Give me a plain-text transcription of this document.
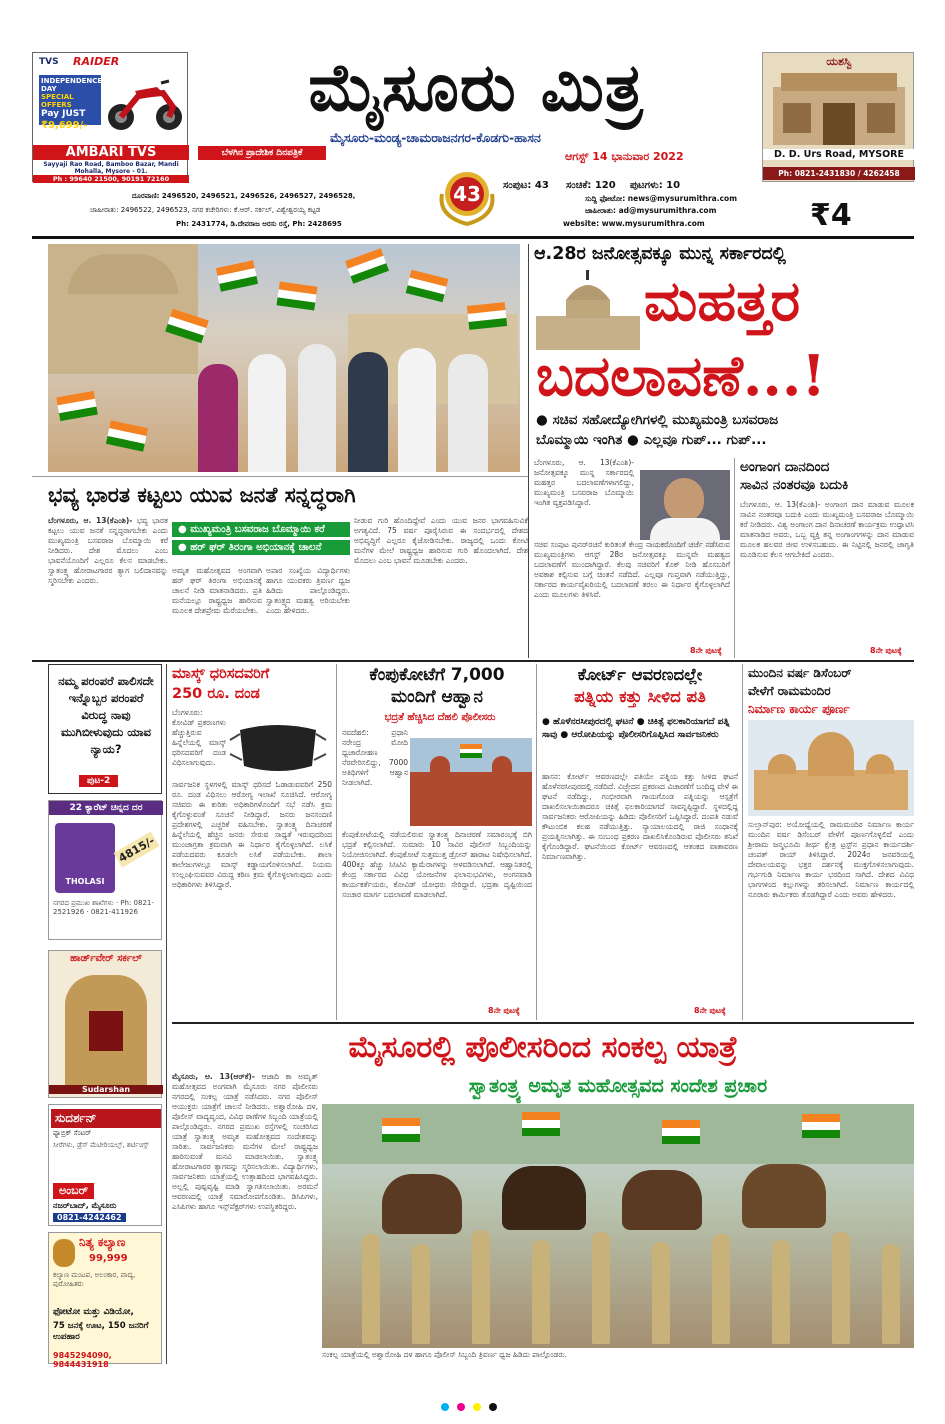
TVS RAIDER
INDEPENDENCE DAY
SPECIAL OFFERS
Pay JUST
₹9,699/-
AMBARI TVS
Sayyaji Rao Road, Bamboo Bazar, Mandi Mohalla, Mysore - 01.
Ph : 99640 21500, 90191 72160
ಮೈಸೂರು ಮಿತ್ರ
ಮೈಸೂರು-ಮಂಡ್ಯ-ಚಾಮರಾಜನಗರ-ಕೊಡಗು-ಹಾಸನ
ಬೆಳಗಿನ ಪ್ರಾದೇಶಿಕ ದಿನಪತ್ರಿಕೆ	ಆಗಸ್ಟ್ 14 ಭಾನುವಾರ 2022
43
ದೂರವಾಣಿ: 2496520, 2496521, 2496526, 2496527, 2496528,
ಜಾಹೀರಾತು: 2496522, 2496523, ನಗರ ಕಚೇರಿಗಳು: ಕೆ.ಆರ್. ಸರ್ಕಲ್, ವಿಶ್ವೇಶ್ವರಯ್ಯ ಕಟ್ಟಡ
Ph: 2431774, ಡಿ.ದೇವರಾಜ ಅರಸು ರಸ್ತೆ, Ph: 2428695
ಸಂಪುಟ: 43 ಸಂಚಿಕೆ: 120 ಪುಟಗಳು: 10
ಸುದ್ದಿ ಫೋಟೋ: news@mysurumithra.com
ಜಾಹೀರಾತು: ad@mysurumithra.com
website: www.mysurumithra.com	₹4
ಯಶಸ್ವಿ
D. D. Urs Road, MYSORE
Ph: 0821-2431830 / 4262458
ಆ.28ರ ಜನೋತ್ಸವಕ್ಕೂ ಮುನ್ನ ಸರ್ಕಾರದಲ್ಲಿ
ಮಹತ್ತರ
ಬದಲಾವಣೆ...!
● ಸಚಿವ ಸಹೋದ್ಯೋಗಿಗಳಲ್ಲಿ ಮುಖ್ಯಮಂತ್ರಿ ಬಸವರಾಜ
ಬೊಮ್ಮಾಯಿ ಇಂಗಿತ ● ಎಲ್ಲವೂ ಗುಪ್... ಗುಪ್...
ಬೆಂಗಳೂರು, ಆ. 13(ಕೆಎಂಶಿ)- ಜನೋತ್ಸವಕ್ಕೂ ಮುನ್ನ ಸರ್ಕಾರದಲ್ಲಿ ಮಹತ್ತರ ಬದಲಾವಣೆಗಳಾಗಲಿದ್ದು, ಮುಖ್ಯಮಂತ್ರಿ ಬಸವರಾಜ ಬೊಮ್ಮಾಯಿ ಇಂಗಿತ ವ್ಯಕ್ತಪಡಿಸಿದ್ದಾರೆ.
ಸಚಿವ ಸಂಪುಟ ಪುನರ್‌ರಚನೆ ಕುರಿತಂತೆ ಕೇಂದ್ರ ನಾಯಕರೊಂದಿಗೆ ಚರ್ಚೆ ನಡೆಸಿರುವ ಮುಖ್ಯಮಂತ್ರಿಗಳು ಆಗಸ್ಟ್ 28ರ ಜನೋತ್ಸವಕ್ಕೂ ಮುನ್ನವೇ ಮಹತ್ವದ ಬದಲಾವಣೆಗೆ ಮುಂದಾಗಿದ್ದಾರೆ. ಕೆಲವು ಸಚಿವರಿಗೆ ಕೊಕ್ ನೀಡಿ ಹೊಸಬರಿಗೆ ಅವಕಾಶ ಕಲ್ಪಿಸುವ ಬಗ್ಗೆ ಚಿಂತನೆ ನಡೆದಿದೆ. ಎಲ್ಲವೂ ಗುಪ್ತವಾಗಿ ನಡೆಯುತ್ತಿದ್ದು, ಸರ್ಕಾರದ ಕಾರ್ಯವೈಖರಿಯಲ್ಲಿ ಬದಲಾವಣೆ ತರಲು ಈ ನಿರ್ಧಾರ ಕೈಗೊಳ್ಳಲಾಗಿದೆ ಎಂದು ಮೂಲಗಳು ತಿಳಿಸಿವೆ.
8ನೇ ಪುಟಕ್ಕೆ
ಅಂಗಾಂಗ ದಾನದಿಂದ
ಸಾವಿನ ನಂತರವೂ ಬದುಕಿ
ಬೆಂಗಳೂರು, ಆ. 13(ಕೆಎಂಶಿ)- ಅಂಗಾಂಗ ದಾನ ಮಾಡುವ ಮೂಲಕ ಸಾವಿನ ನಂತರವೂ ಬದುಕಿ ಎಂದು ಮುಖ್ಯಮಂತ್ರಿ ಬಸವರಾಜ ಬೊಮ್ಮಾಯಿ ಕರೆ ನೀಡಿದರು. ವಿಶ್ವ ಅಂಗಾಂಗ ದಾನ ದಿನಾಚರಣೆ ಕಾರ್ಯಕ್ರಮ ಉದ್ಘಾಟಿಸಿ ಮಾತನಾಡಿದ ಅವರು, ಒಬ್ಬ ವ್ಯಕ್ತಿ ತನ್ನ ಅಂಗಾಂಗಗಳನ್ನು ದಾನ ಮಾಡುವ ಮೂಲಕ ಹಲವರ ಜೀವ ಉಳಿಸಬಹುದು. ಈ ನಿಟ್ಟಿನಲ್ಲಿ ಜನರಲ್ಲಿ ಜಾಗೃತಿ ಮೂಡಿಸುವ ಕೆಲಸ ಆಗಬೇಕಿದೆ ಎಂದರು.
8ನೇ ಪುಟಕ್ಕೆ
ಭವ್ಯ ಭಾರತ ಕಟ್ಟಲು ಯುವ ಜನತೆ ಸನ್ನದ್ಧರಾಗಿ
ಬೆಂಗಳೂರು, ಆ. 13(ಕೆಎಂಶಿ)- ಭವ್ಯ ಭಾರತ ಕಟ್ಟಲು ಯುವ ಜನತೆ ಸನ್ನದ್ಧರಾಗಬೇಕು ಎಂದು ಮುಖ್ಯಮಂತ್ರಿ ಬಸವರಾಜ ಬೊಮ್ಮಾಯಿ ಕರೆ ನೀಡಿದರು. ದೇಶ ಮೊದಲು ಎಂಬ ಭಾವನೆಯೊಂದಿಗೆ ಎಲ್ಲರೂ ಕೆಲಸ ಮಾಡಬೇಕು. ಸ್ವಾತಂತ್ರ್ಯ ಹೋರಾಟಗಾರರ ತ್ಯಾಗ ಬಲಿದಾನವನ್ನು ಸ್ಮರಿಸಬೇಕು ಎಂದರು.
● ಮುಖ್ಯಮಂತ್ರಿ ಬಸವರಾಜ ಬೊಮ್ಮಾಯಿ ಕರೆ
● ಹರ್ ಘರ್ ತಿರಂಗಾ ಅಭಿಯಾನಕ್ಕೆ ಚಾಲನೆ
ಅಮೃತ ಮಹೋತ್ಸವದ ಅಂಗವಾಗಿ ಹರ್ ಘರ್ ತಿರಂಗಾ ಅಭಿಯಾನಕ್ಕೆ ಚಾಲನೆ ನೀಡಿ ಮಾತನಾಡಿದರು. ಪ್ರತಿ ಮನೆಯಲ್ಲೂ ರಾಷ್ಟ್ರಧ್ವಜ ಹಾರಿಸುವ ಮೂಲಕ ದೇಶಪ್ರೇಮ ಮೆರೆಯಬೇಕು.
ಅಪಾರ ಸಂಖ್ಯೆಯ ವಿದ್ಯಾರ್ಥಿಗಳು ಹಾಗೂ ಯುವಕರು ತ್ರಿವರ್ಣ ಧ್ವಜ ಹಿಡಿದು ಪಾಲ್ಗೊಂಡಿದ್ದರು. ಸ್ವಾತಂತ್ರ್ಯದ ಮಹತ್ವ ಅರಿಯಬೇಕು ಎಂದು ಹೇಳಿದರು.
ನೀಡುವ ಗುರಿ ಹೊಂದಿದ್ದೇವೆ ಎಂದು ಯುವ ಜನರ ಭಾಗವಹಿಸುವಿಕೆ ಅಗತ್ಯವಿದೆ. 75 ವರ್ಷ ಪೂರೈಸಿರುವ ಈ ಸಂದರ್ಭದಲ್ಲಿ ದೇಶದ ಅಭಿವೃದ್ಧಿಗೆ ಎಲ್ಲರೂ ಕೈಜೋಡಿಸಬೇಕು. ರಾಜ್ಯದಲ್ಲಿ ಒಂದು ಕೋಟಿ ಮನೆಗಳ ಮೇಲೆ ರಾಷ್ಟ್ರಧ್ವಜ ಹಾರಿಸುವ ಗುರಿ ಹೊಂದಲಾಗಿದೆ. ದೇಶ ಮೊದಲು ಎಂಬ ಭಾವನೆ ಮೂಡಬೇಕು ಎಂದರು.
ನಮ್ಮ ಪರಂಪರೆ ಪಾಲಿಸದೇ ಇನ್ನೊಬ್ಬರ ಪರಂಪರೆ ವಿರುದ್ಧ ನಾವು ಮುಗಿಬೀಳುವುದು ಯಾವ ನ್ಯಾಯ?
ಪುಟ-2
22 ಕ್ಯಾರೆಟ್ ಚಿನ್ನದ ದರ
THOLASI
4815/-
ನಗರದ ಪ್ರಮುಖ ಶಾಖೆಗಳು · Ph: 0821-2521926 · 0821-411926
ಹಾರ್ಡ್‌ವೇರ್ ಸರ್ಕಲ್
Sudarshan
ಸುದರ್ಶನ್
ಫ್ಯಾಬ್ರಿಕ್ ಸೆಂಟರ್
ಸೀರೆಗಳು, ಡ್ರೆಸ್ ಮೆಟೀರಿಯಲ್ಸ್, ಶರ್ಟಿಂಗ್ಸ್
ಅಂಬರ್
ನಜರ್‌ಬಾದ್, ಮೈಸೂರು
0821-4242462
ನಿತ್ಯ ಕಲ್ಯಾಣ
99,999
ಕಲ್ಯಾಣ ಮಂಟಪ, ಅಲಂಕಾರ, ವಾದ್ಯ, ಪುರೋಹಿತರು
ಫೋಟೋ ಮತ್ತು ವಿಡಿಯೋ,
75 ಜನಕ್ಕೆ ಊಟ, 150 ಜನರಿಗೆ ಉಪಹಾರ
9845294090, 9844431918
ಮಾಸ್ಕ್ ಧರಿಸದವರಿಗೆ
250 ರೂ. ದಂಡ
ಬೆಂಗಳೂರು: ಕೋವಿಡ್ ಪ್ರಕರಣಗಳು ಹೆಚ್ಚುತ್ತಿರುವ ಹಿನ್ನೆಲೆಯಲ್ಲಿ ಮಾಸ್ಕ್ ಧರಿಸದವರಿಗೆ ದಂಡ ವಿಧಿಸಲಾಗುವುದು.
ಸಾರ್ವಜನಿಕ ಸ್ಥಳಗಳಲ್ಲಿ ಮಾಸ್ಕ್ ಧರಿಸದೆ ಓಡಾಡುವವರಿಗೆ 250 ರೂ. ದಂಡ ವಿಧಿಸಲು ಆರೋಗ್ಯ ಇಲಾಖೆ ಸೂಚಿಸಿದೆ. ಆರೋಗ್ಯ ಸಚಿವರು ಈ ಕುರಿತು ಅಧಿಕಾರಿಗಳೊಂದಿಗೆ ಸಭೆ ನಡೆಸಿ ಕ್ರಮ ಕೈಗೊಳ್ಳುವಂತೆ ಸೂಚನೆ ನೀಡಿದ್ದಾರೆ. ಜನರು ಜನಸಂದಣಿ ಪ್ರದೇಶಗಳಲ್ಲಿ ಎಚ್ಚರಿಕೆ ವಹಿಸಬೇಕು. ಸ್ವಾತಂತ್ರ್ಯ ದಿನಾಚರಣೆ ಹಿನ್ನೆಲೆಯಲ್ಲಿ ಹೆಚ್ಚಿನ ಜನರು ಸೇರುವ ಸಾಧ್ಯತೆ ಇರುವುದರಿಂದ ಮುಂಜಾಗ್ರತಾ ಕ್ರಮವಾಗಿ ಈ ನಿರ್ಧಾರ ಕೈಗೊಳ್ಳಲಾಗಿದೆ. ಲಸಿಕೆ ಪಡೆಯದವರು ಕೂಡಲೇ ಲಸಿಕೆ ಪಡೆಯಬೇಕು. ಶಾಲಾ ಕಾಲೇಜುಗಳಲ್ಲೂ ಮಾಸ್ಕ್ ಕಡ್ಡಾಯಗೊಳಿಸಲಾಗಿದೆ. ನಿಯಮ ಉಲ್ಲಂಘಿಸುವವರ ವಿರುದ್ಧ ಕಠಿಣ ಕ್ರಮ ಕೈಗೊಳ್ಳಲಾಗುವುದು ಎಂದು ಅಧಿಕಾರಿಗಳು ತಿಳಿಸಿದ್ದಾರೆ.
ಕೆಂಪುಕೋಟೆಗೆ 7,000
ಮಂದಿಗೆ ಆಹ್ವಾನ
ಭದ್ರತೆ ಹೆಚ್ಚಿಸಿದ ದೆಹಲಿ ಪೊಲೀಸರು
ನವದೆಹಲಿ: ಪ್ರಧಾನಿ ನರೇಂದ್ರ ಮೋದಿ ಧ್ವಜಾರೋಹಣ ನೆರವೇರಿಸಲಿದ್ದು, 7000 ಅತಿಥಿಗಳಿಗೆ ಆಹ್ವಾನ ನೀಡಲಾಗಿದೆ.
ಕೆಂಪುಕೋಟೆಯಲ್ಲಿ ನಡೆಯಲಿರುವ ಸ್ವಾತಂತ್ರ್ಯ ದಿನಾಚರಣೆ ಸಮಾರಂಭಕ್ಕೆ ಬಿಗಿ ಭದ್ರತೆ ಕಲ್ಪಿಸಲಾಗಿದೆ. ಸುಮಾರು 10 ಸಾವಿರ ಪೊಲೀಸ್ ಸಿಬ್ಬಂದಿಯನ್ನು ನಿಯೋಜಿಸಲಾಗಿದೆ. ಕೆಂಪುಕೋಟೆ ಸುತ್ತಮುತ್ತ ಡ್ರೋನ್ ಹಾರಾಟ ನಿಷೇಧಿಸಲಾಗಿದೆ. 400ಕ್ಕೂ ಹೆಚ್ಚು ಸಿಸಿಟಿವಿ ಕ್ಯಾಮೆರಾಗಳನ್ನು ಅಳವಡಿಸಲಾಗಿದೆ. ಆಹ್ವಾನಿತರಲ್ಲಿ ಕೇಂದ್ರ ಸರ್ಕಾರದ ವಿವಿಧ ಯೋಜನೆಗಳ ಫಲಾನುಭವಿಗಳು, ಅಂಗನವಾಡಿ ಕಾರ್ಯಕರ್ತೆಯರು, ಕೋವಿಡ್ ಯೋಧರು ಸೇರಿದ್ದಾರೆ. ಭದ್ರತಾ ದೃಷ್ಟಿಯಿಂದ ಸಂಚಾರ ಮಾರ್ಗ ಬದಲಾವಣೆ ಮಾಡಲಾಗಿದೆ.
8ನೇ ಪುಟಕ್ಕೆ
ಕೋರ್ಟ್ ಆವರಣದಲ್ಲೇ
ಪತ್ನಿಯ ಕತ್ತು ಸೀಳಿದ ಪತಿ
● ಹೊಳೆನರಸೀಪುರದಲ್ಲಿ ಘಟನೆ ● ಚಿಕಿತ್ಸೆ ಫಲಕಾರಿಯಾಗದೆ ಪತ್ನಿ ಸಾವು ● ಆರೋಪಿಯನ್ನು ಪೊಲೀಸರಿಗೊಪ್ಪಿಸಿದ ಸಾರ್ವಜನಿಕರು
ಹಾಸನ: ಕೋರ್ಟ್ ಆವರಣದಲ್ಲೇ ಪತಿಯೇ ಪತ್ನಿಯ ಕತ್ತು ಸೀಳಿದ ಘಟನೆ ಹೊಳೆನರಸೀಪುರದಲ್ಲಿ ನಡೆದಿದೆ. ವಿಚ್ಛೇದನ ಪ್ರಕರಣದ ವಿಚಾರಣೆಗೆ ಬಂದಿದ್ದ ವೇಳೆ ಈ ಘಟನೆ ನಡೆದಿದ್ದು, ಗಂಭೀರವಾಗಿ ಗಾಯಗೊಂಡ ಪತ್ನಿಯನ್ನು ಆಸ್ಪತ್ರೆಗೆ ದಾಖಲಿಸಲಾಯಿತಾದರೂ ಚಿಕಿತ್ಸೆ ಫಲಕಾರಿಯಾಗದೆ ಸಾವನ್ನಪ್ಪಿದ್ದಾರೆ. ಸ್ಥಳದಲ್ಲಿದ್ದ ಸಾರ್ವಜನಿಕರು ಆರೋಪಿಯನ್ನು ಹಿಡಿದು ಪೊಲೀಸರಿಗೆ ಒಪ್ಪಿಸಿದ್ದಾರೆ. ದಂಪತಿ ನಡುವೆ ಕೌಟುಂಬಿಕ ಕಲಹ ನಡೆಯುತ್ತಿತ್ತು. ನ್ಯಾಯಾಲಯದಲ್ಲಿ ರಾಜಿ ಸಂಧಾನಕ್ಕೆ ಪ್ರಯತ್ನಿಸಲಾಗಿತ್ತು. ಈ ಸಂಬಂಧ ಪ್ರಕರಣ ದಾಖಲಿಸಿಕೊಂಡಿರುವ ಪೊಲೀಸರು ತನಿಖೆ ಕೈಗೊಂಡಿದ್ದಾರೆ. ಘಟನೆಯಿಂದ ಕೋರ್ಟ್ ಆವರಣದಲ್ಲಿ ಆತಂಕದ ವಾತಾವರಣ ನಿರ್ಮಾಣವಾಗಿತ್ತು.
8ನೇ ಪುಟಕ್ಕೆ
ಮುಂದಿನ ವರ್ಷ ಡಿಸೆಂಬರ್
ವೇಳೆಗೆ ರಾಮಮಂದಿರ
ನಿರ್ಮಾಣ ಕಾರ್ಯ ಪೂರ್ಣ
ಸುಲ್ತಾನ್‌ಪುರ: ಅಯೋಧ್ಯೆಯಲ್ಲಿ ರಾಮಮಂದಿರ ನಿರ್ಮಾಣ ಕಾರ್ಯ ಮುಂದಿನ ವರ್ಷ ಡಿಸೆಂಬರ್ ವೇಳೆಗೆ ಪೂರ್ಣಗೊಳ್ಳಲಿದೆ ಎಂದು ಶ್ರೀರಾಮ ಜನ್ಮಭೂಮಿ ತೀರ್ಥ ಕ್ಷೇತ್ರ ಟ್ರಸ್ಟ್‌ನ ಪ್ರಧಾನ ಕಾರ್ಯದರ್ಶಿ ಚಂಪತ್ ರಾಯ್ ತಿಳಿಸಿದ್ದಾರೆ. 2024ರ ಜನವರಿಯಲ್ಲಿ ದೇವಾಲಯವನ್ನು ಭಕ್ತರ ದರ್ಶನಕ್ಕೆ ಮುಕ್ತಗೊಳಿಸಲಾಗುವುದು. ಗರ್ಭಗುಡಿ ನಿರ್ಮಾಣ ಕಾರ್ಯ ಭರದಿಂದ ಸಾಗಿದೆ. ದೇಶದ ವಿವಿಧ ಭಾಗಗಳಿಂದ ಕಲ್ಲುಗಳನ್ನು ತರಿಸಲಾಗಿದೆ. ನಿರ್ಮಾಣ ಕಾರ್ಯದಲ್ಲಿ ನೂರಾರು ಕಾರ್ಮಿಕರು ತೊಡಗಿದ್ದಾರೆ ಎಂದು ಅವರು ಹೇಳಿದರು.
ಮೈಸೂರಲ್ಲಿ ಪೊಲೀಸರಿಂದ ಸಂಕಲ್ಪ ಯಾತ್ರೆ
ಸ್ವಾತಂತ್ರ್ಯ ಅಮೃತ ಮಹೋತ್ಸವದ ಸಂದೇಶ ಪ್ರಚಾರ
ಮೈಸೂರು, ಆ. 13(ಆರ್‌ಕೆ)- ಆಜಾದಿ ಕಾ ಅಮೃತ್ ಮಹೋತ್ಸವದ ಅಂಗವಾಗಿ ಮೈಸೂರು ನಗರ ಪೊಲೀಸರು ನಗರದಲ್ಲಿ ಸಂಕಲ್ಪ ಯಾತ್ರೆ ನಡೆಸಿದರು. ನಗರ ಪೊಲೀಸ್ ಆಯುಕ್ತರು ಯಾತ್ರೆಗೆ ಚಾಲನೆ ನೀಡಿದರು. ಅಶ್ವಾರೋಹಿ ದಳ, ಪೊಲೀಸ್ ವಾದ್ಯವೃಂದ, ವಿವಿಧ ಠಾಣೆಗಳ ಸಿಬ್ಬಂದಿ ಯಾತ್ರೆಯಲ್ಲಿ ಪಾಲ್ಗೊಂಡಿದ್ದರು. ನಗರದ ಪ್ರಮುಖ ರಸ್ತೆಗಳಲ್ಲಿ ಸಂಚರಿಸಿದ ಯಾತ್ರೆ ಸ್ವಾತಂತ್ರ್ಯ ಅಮೃತ ಮಹೋತ್ಸವದ ಸಂದೇಶವನ್ನು ಸಾರಿತು. ಸಾರ್ವಜನಿಕರು ಮನೆಗಳ ಮೇಲೆ ರಾಷ್ಟ್ರಧ್ವಜ ಹಾರಿಸುವಂತೆ ಮನವಿ ಮಾಡಲಾಯಿತು. ಸ್ವಾತಂತ್ರ್ಯ ಹೋರಾಟಗಾರರ ತ್ಯಾಗವನ್ನು ಸ್ಮರಿಸಲಾಯಿತು. ವಿದ್ಯಾರ್ಥಿಗಳು, ಸಾರ್ವಜನಿಕರು ಯಾತ್ರೆಯಲ್ಲಿ ಉತ್ಸಾಹದಿಂದ ಭಾಗವಹಿಸಿದ್ದರು. ಅಲ್ಲಲ್ಲಿ ಪುಷ್ಪವೃಷ್ಟಿ ಮಾಡಿ ಸ್ವಾಗತಿಸಲಾಯಿತು. ಅರಮನೆ ಆವರಣದಲ್ಲಿ ಯಾತ್ರೆ ಸಮಾರೋಪಗೊಂಡಿತು. ಡಿಸಿಪಿಗಳು, ಎಸಿಪಿಗಳು ಹಾಗೂ ಇನ್ಸ್‌ಪೆಕ್ಟರ್‌ಗಳು ಉಪಸ್ಥಿತರಿದ್ದರು.
ಸಂಕಲ್ಪ ಯಾತ್ರೆಯಲ್ಲಿ ಅಶ್ವಾರೋಹಿ ದಳ ಹಾಗೂ ಪೊಲೀಸ್ ಸಿಬ್ಬಂದಿ ತ್ರಿವರ್ಣ ಧ್ವಜ ಹಿಡಿದು ಪಾಲ್ಗೊಂಡರು.
